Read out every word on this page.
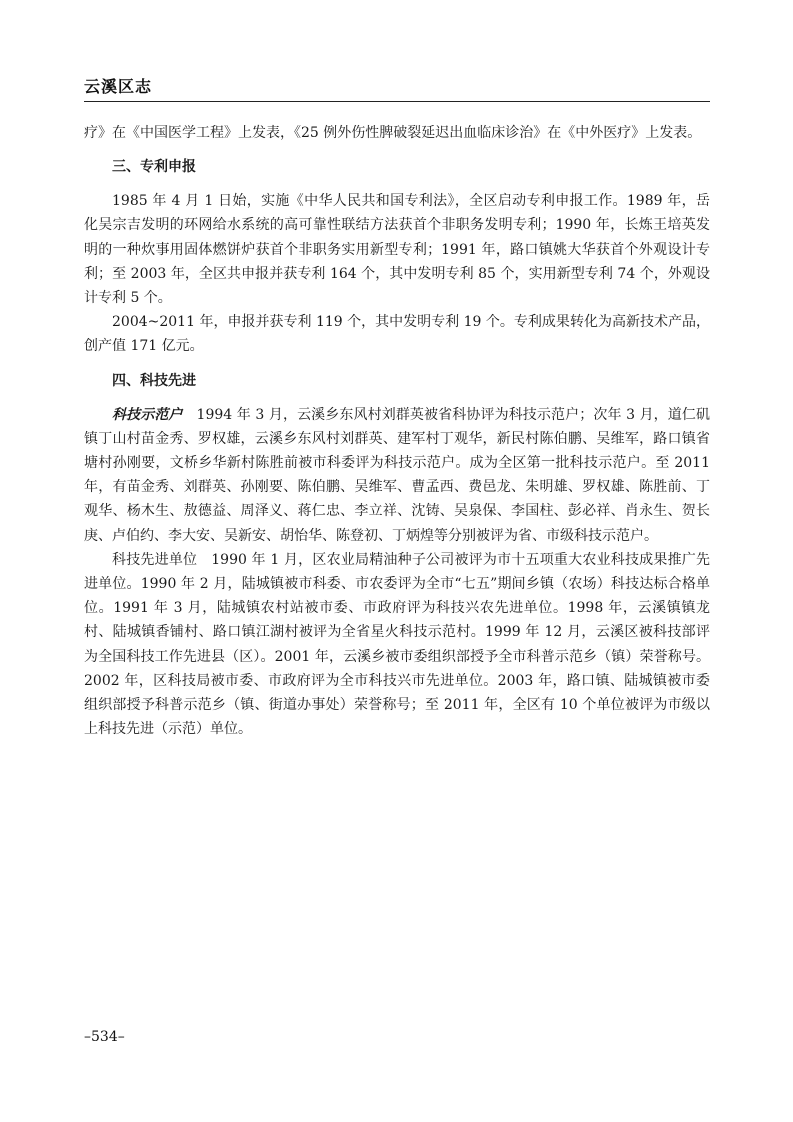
云溪区志

疗》在《中国医学工程》上发表，《25 例外伤性脾破裂延迟出血临床诊治》在《中外医疗》上发表。

三、专利申报

1985 年 4 月 1 日始，实施《中华人民共和国专利法》，全区启动专利申报工作。1989 年，岳化吴宗吉发明的环网给水系统的高可靠性联结方法获首个非职务发明专利；1990 年，长炼王培英发明的一种炊事用固体燃饼炉获首个非职务实用新型专利；1991 年，路口镇姚大华获首个外观设计专利；至 2003 年，全区共申报并获专利 164 个，其中发明专利 85 个，实用新型专利 74 个，外观设计专利 5 个。

2004~2011 年，申报并获专利 119 个，其中发明专利 19 个。专利成果转化为高新技术产品，创产值 171 亿元。

四、科技先进

科技示范户 1994 年 3 月，云溪乡东风村刘群英被省科协评为科技示范户；次年 3 月，道仁矶镇丁山村苗金秀、罗权雄，云溪乡东风村刘群英、建军村丁观华，新民村陈伯鹏、吴维军，路口镇省塘村孙刚要，文桥乡华新村陈胜前被市科委评为科技示范户。成为全区第一批科技示范户。至 2011 年，有苗金秀、刘群英、孙刚要、陈伯鹏、吴维军、曹孟西、费邑龙、朱明雄、罗权雄、陈胜前、丁观华、杨木生、敖德益、周泽义、蒋仁忠、李立祥、沈铸、吴泉保、李国柱、彭必祥、肖永生、贺长庚、卢伯约、李大安、吴新安、胡怡华、陈登初、丁炳煌等分别被评为省、市级科技示范户。

科技先进单位 1990 年 1 月，区农业局精油种子公司被评为市十五项重大农业科技成果推广先进单位。1990 年 2 月，陆城镇被市科委、市农委评为全市“七五”期间乡镇（农场）科技达标合格单位。1991 年 3 月，陆城镇农村站被市委、市政府评为科技兴农先进单位。1998 年，云溪镇镇龙村、陆城镇香铺村、路口镇江湖村被评为全省星火科技示范村。1999 年 12 月，云溪区被科技部评为全国科技工作先进县（区）。2001 年，云溪乡被市委组织部授予全市科普示范乡（镇）荣誉称号。2002 年，区科技局被市委、市政府评为全市科技兴市先进单位。2003 年，路口镇、陆城镇被市委组织部授予科普示范乡（镇、街道办事处）荣誉称号；至 2011 年，全区有 10 个单位被评为市级以上科技先进（示范）单位。

–534–
